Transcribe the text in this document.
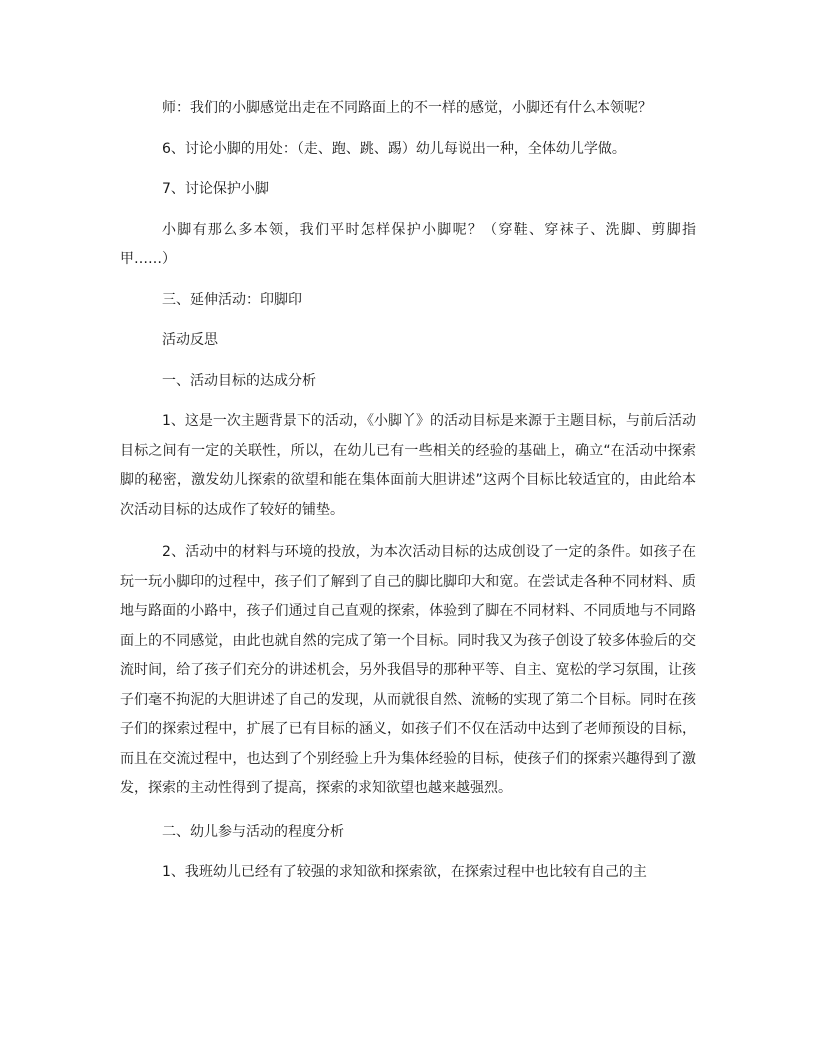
师：我们的小脚感觉出走在不同路面上的不一样的感觉，小脚还有什么本领呢？

6、讨论小脚的用处：（走、跑、跳、踢）幼儿每说出一种，全体幼儿学做。

7、讨论保护小脚

小脚有那么多本领，我们平时怎样保护小脚呢？（穿鞋、穿袜子、洗脚、剪脚指甲……）

三、延伸活动：印脚印

活动反思

一、活动目标的达成分析

1、这是一次主题背景下的活动，《小脚丫》的活动目标是来源于主题目标，与前后活动目标之间有一定的关联性，所以，在幼儿已有一些相关的经验的基础上，确立“在活动中探索脚的秘密，激发幼儿探索的欲望和能在集体面前大胆讲述”这两个目标比较适宜的，由此给本次活动目标的达成作了较好的铺垫。

2、活动中的材料与环境的投放，为本次活动目标的达成创设了一定的条件。如孩子在玩一玩小脚印的过程中，孩子们了解到了自己的脚比脚印大和宽。在尝试走各种不同材料、质地与路面的小路中，孩子们通过自己直观的探索，体验到了脚在不同材料、不同质地与不同路面上的不同感觉，由此也就自然的完成了第一个目标。同时我又为孩子创设了较多体验后的交流时间，给了孩子们充分的讲述机会，另外我倡导的那种平等、自主、宽松的学习氛围，让孩子们毫不拘泥的大胆讲述了自己的发现，从而就很自然、流畅的实现了第二个目标。同时在孩子们的探索过程中，扩展了已有目标的涵义，如孩子们不仅在活动中达到了老师预设的目标，而且在交流过程中，也达到了个别经验上升为集体经验的目标，使孩子们的探索兴趣得到了激发，探索的主动性得到了提高，探索的求知欲望也越来越强烈。

二、幼儿参与活动的程度分析

1、我班幼儿已经有了较强的求知欲和探索欲，在探索过程中也比较有自己的主
